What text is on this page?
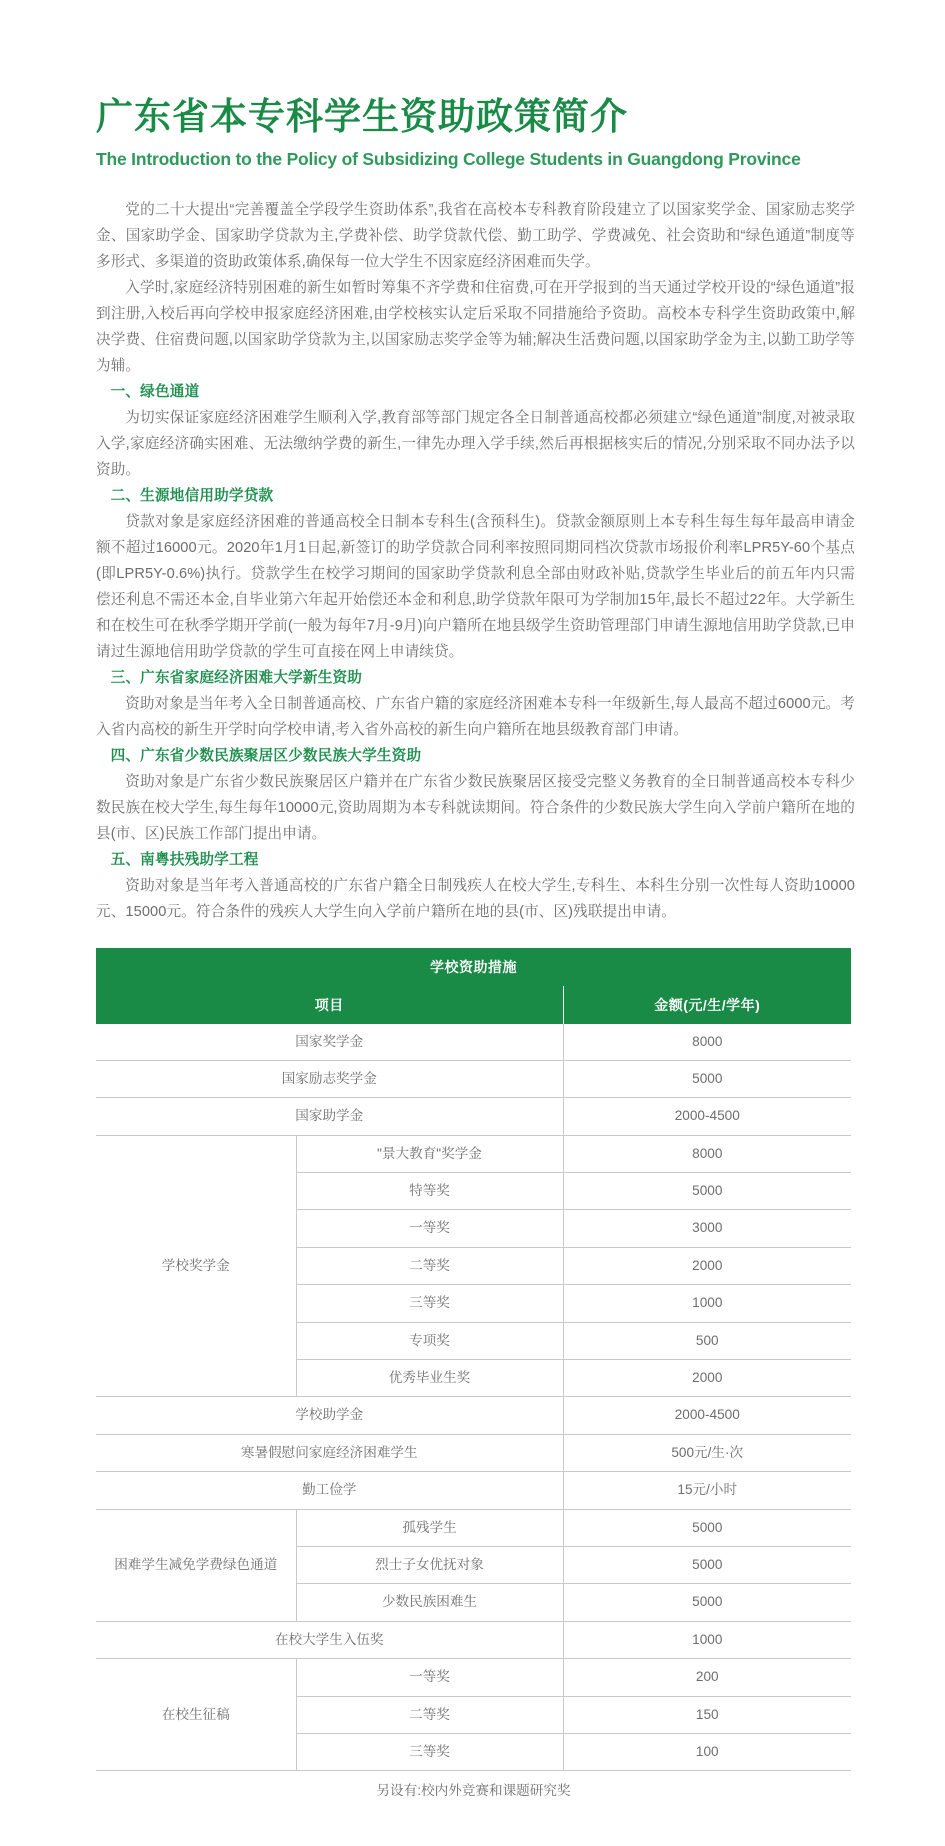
广东省本专科学生资助政策简介
The Introduction to the Policy of Subsidizing College Students in Guangdong Province

党的二十大提出“完善覆盖全学段学生资助体系”,我省在高校本专科教育阶段建立了以国家奖学金、国家励志奖学金、国家助学金、国家助学贷款为主,学费补偿、助学贷款代偿、勤工助学、学费减免、社会资助和“绿色通道”制度等多形式、多渠道的资助政策体系,确保每一位大学生不因家庭经济困难而失学。

入学时,家庭经济特别困难的新生如暂时筹集不齐学费和住宿费,可在开学报到的当天通过学校开设的“绿色通道”报到注册,入校后再向学校申报家庭经济困难,由学校核实认定后采取不同措施给予资助。高校本专科学生资助政策中,解决学费、住宿费问题,以国家助学贷款为主,以国家励志奖学金等为辅;解决生活费问题,以国家助学金为主,以勤工助学等为辅。

一、绿色通道

为切实保证家庭经济困难学生顺利入学,教育部等部门规定各全日制普通高校都必须建立“绿色通道”制度,对被录取入学,家庭经济确实困难、无法缴纳学费的新生,一律先办理入学手续,然后再根据核实后的情况,分别采取不同办法予以资助。

二、生源地信用助学贷款

贷款对象是家庭经济困难的普通高校全日制本专科生(含预科生)。贷款金额原则上本专科生每生每年最高申请金额不超过16000元。2020年1月1日起,新签订的助学贷款合同利率按照同期同档次贷款市场报价利率LPR5Y-60个基点(即LPR5Y-0.6%)执行。贷款学生在校学习期间的国家助学贷款利息全部由财政补贴,贷款学生毕业后的前五年内只需偿还利息不需还本金,自毕业第六年起开始偿还本金和利息,助学贷款年限可为学制加15年,最长不超过22年。大学新生和在校生可在秋季学期开学前(一般为每年7月-9月)向户籍所在地县级学生资助管理部门申请生源地信用助学贷款,已申请过生源地信用助学贷款的学生可直接在网上申请续贷。

三、广东省家庭经济困难大学新生资助

资助对象是当年考入全日制普通高校、广东省户籍的家庭经济困难本专科一年级新生,每人最高不超过6000元。考入省内高校的新生开学时向学校申请,考入省外高校的新生向户籍所在地县级教育部门申请。

四、广东省少数民族聚居区少数民族大学生资助

资助对象是广东省少数民族聚居区户籍并在广东省少数民族聚居区接受完整义务教育的全日制普通高校本专科少数民族在校大学生,每生每年10000元,资助周期为本专科就读期间。符合条件的少数民族大学生向入学前户籍所在地的县(市、区)民族工作部门提出申请。

五、南粤扶残助学工程

资助对象是当年考入普通高校的广东省户籍全日制残疾人在校大学生,专科生、本科生分别一次性每人资助10000元、15000元。符合条件的残疾人大学生向入学前户籍所在地的县(市、区)残联提出申请。

学校资助措施		
项目		金额(元/生/学年)
国家奖学金		8000
国家励志奖学金		5000
国家助学金		2000-4500
学校奖学金	"景大教育"奖学金	8000
	特等奖	5000
	一等奖	3000
	二等奖	2000
	三等奖	1000
	专项奖	500
	优秀毕业生奖	2000
学校助学金		2000-4500
寒暑假慰问家庭经济困难学生		500元/生·次
勤工俭学		15元/小时
困难学生减免学费绿色通道	孤残学生	5000
	烈士子女优抚对象	5000
	少数民族困难生	5000
在校大学生入伍奖		1000
在校生征稿	一等奖	200
	二等奖	150
	三等奖	100
另设有:校内外竞赛和课题研究奖		
